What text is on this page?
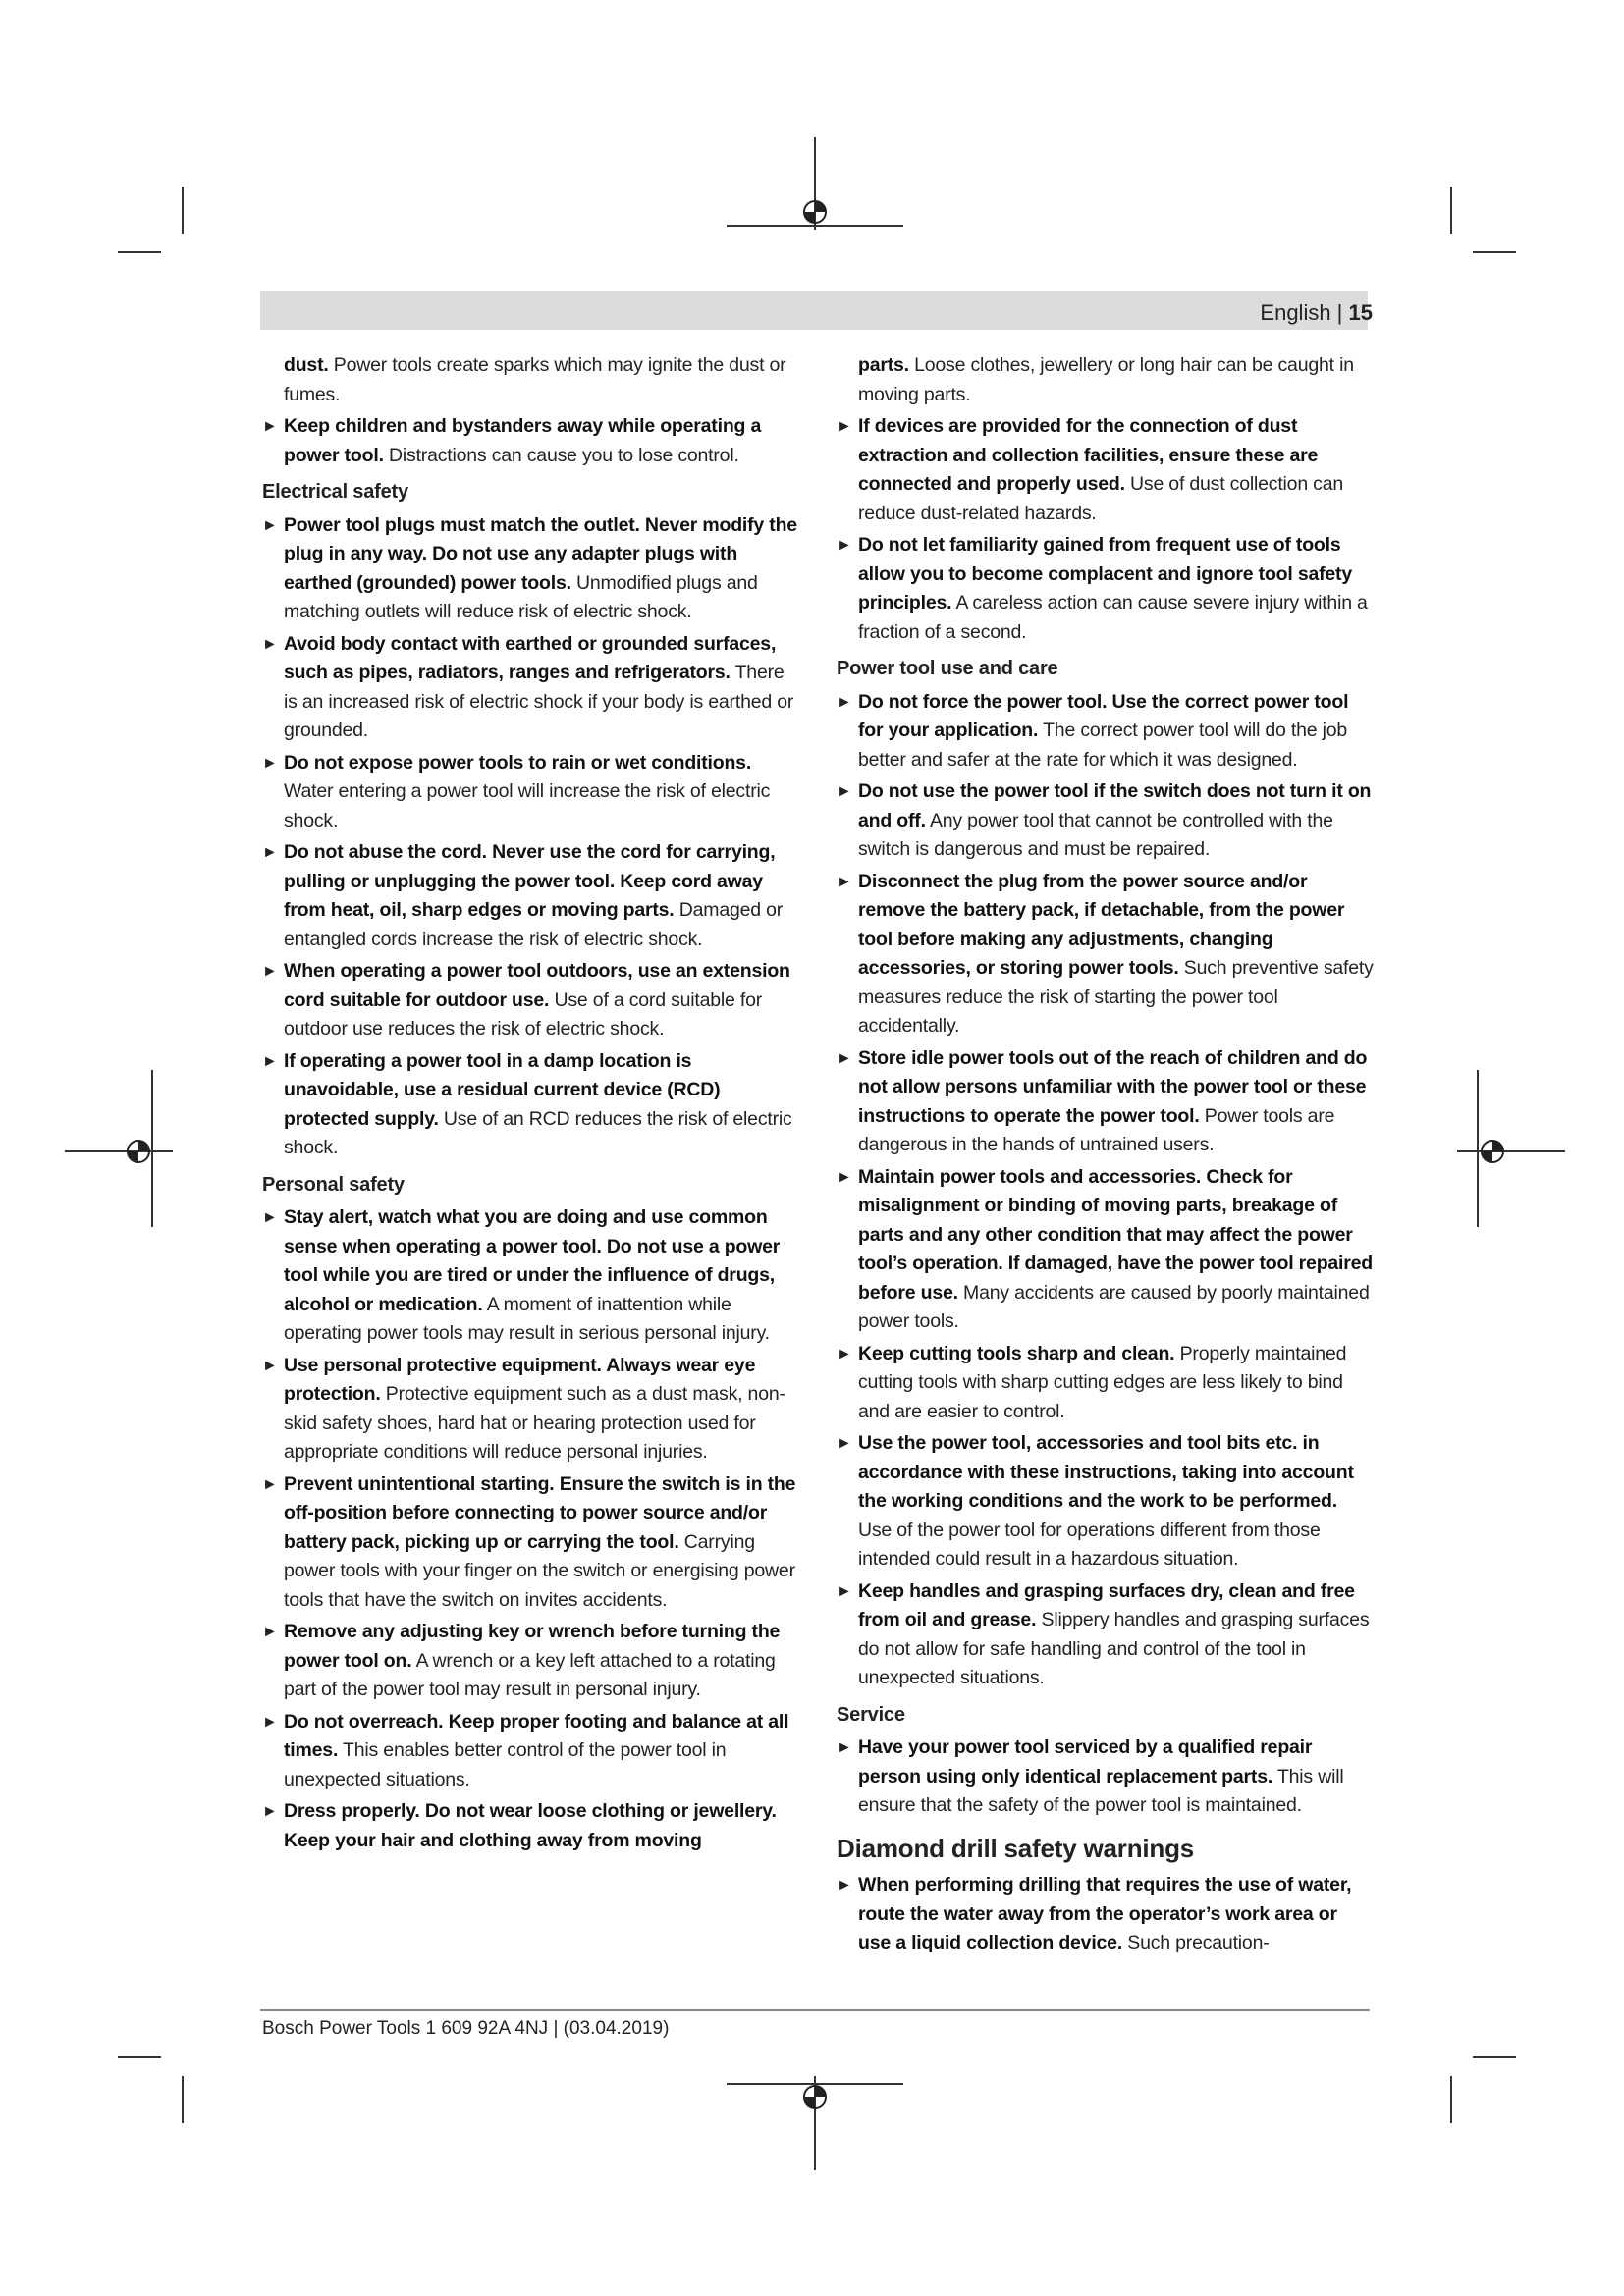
English | 15
dust. Power tools create sparks which may ignite the dust or fumes.
► Keep children and bystanders away while operating a power tool. Distractions can cause you to lose control.
Electrical safety
► Power tool plugs must match the outlet. Never modify the plug in any way. Do not use any adapter plugs with earthed (grounded) power tools. Unmodified plugs and matching outlets will reduce risk of electric shock.
► Avoid body contact with earthed or grounded surfaces, such as pipes, radiators, ranges and refrigerators. There is an increased risk of electric shock if your body is earthed or grounded.
► Do not expose power tools to rain or wet conditions. Water entering a power tool will increase the risk of electric shock.
► Do not abuse the cord. Never use the cord for carrying, pulling or unplugging the power tool. Keep cord away from heat, oil, sharp edges or moving parts. Damaged or entangled cords increase the risk of electric shock.
► When operating a power tool outdoors, use an extension cord suitable for outdoor use. Use of a cord suitable for outdoor use reduces the risk of electric shock.
► If operating a power tool in a damp location is unavoidable, use a residual current device (RCD) protected supply. Use of an RCD reduces the risk of electric shock.
Personal safety
► Stay alert, watch what you are doing and use common sense when operating a power tool. Do not use a power tool while you are tired or under the influence of drugs, alcohol or medication. A moment of inattention while operating power tools may result in serious personal injury.
► Use personal protective equipment. Always wear eye protection. Protective equipment such as a dust mask, non-skid safety shoes, hard hat or hearing protection used for appropriate conditions will reduce personal injuries.
► Prevent unintentional starting. Ensure the switch is in the off-position before connecting to power source and/or battery pack, picking up or carrying the tool. Carrying power tools with your finger on the switch or energising power tools that have the switch on invites accidents.
► Remove any adjusting key or wrench before turning the power tool on. A wrench or a key left attached to a rotating part of the power tool may result in personal injury.
► Do not overreach. Keep proper footing and balance at all times. This enables better control of the power tool in unexpected situations.
► Dress properly. Do not wear loose clothing or jewellery. Keep your hair and clothing away from moving
parts. Loose clothes, jewellery or long hair can be caught in moving parts.
► If devices are provided for the connection of dust extraction and collection facilities, ensure these are connected and properly used. Use of dust collection can reduce dust-related hazards.
► Do not let familiarity gained from frequent use of tools allow you to become complacent and ignore tool safety principles. A careless action can cause severe injury within a fraction of a second.
Power tool use and care
► Do not force the power tool. Use the correct power tool for your application. The correct power tool will do the job better and safer at the rate for which it was designed.
► Do not use the power tool if the switch does not turn it on and off. Any power tool that cannot be controlled with the switch is dangerous and must be repaired.
► Disconnect the plug from the power source and/or remove the battery pack, if detachable, from the power tool before making any adjustments, changing accessories, or storing power tools. Such preventive safety measures reduce the risk of starting the power tool accidentally.
► Store idle power tools out of the reach of children and do not allow persons unfamiliar with the power tool or these instructions to operate the power tool. Power tools are dangerous in the hands of untrained users.
► Maintain power tools and accessories. Check for misalignment or binding of moving parts, breakage of parts and any other condition that may affect the power tool’s operation. If damaged, have the power tool repaired before use. Many accidents are caused by poorly maintained power tools.
► Keep cutting tools sharp and clean. Properly maintained cutting tools with sharp cutting edges are less likely to bind and are easier to control.
► Use the power tool, accessories and tool bits etc. in accordance with these instructions, taking into account the working conditions and the work to be performed. Use of the power tool for operations different from those intended could result in a hazardous situation.
► Keep handles and grasping surfaces dry, clean and free from oil and grease. Slippery handles and grasping surfaces do not allow for safe handling and control of the tool in unexpected situations.
Service
► Have your power tool serviced by a qualified repair person using only identical replacement parts. This will ensure that the safety of the power tool is maintained.
Diamond drill safety warnings
► When performing drilling that requires the use of water, route the water away from the operator’s work area or use a liquid collection device. Such precaution-
Bosch Power Tools 1 609 92A 4NJ | (03.04.2019)
